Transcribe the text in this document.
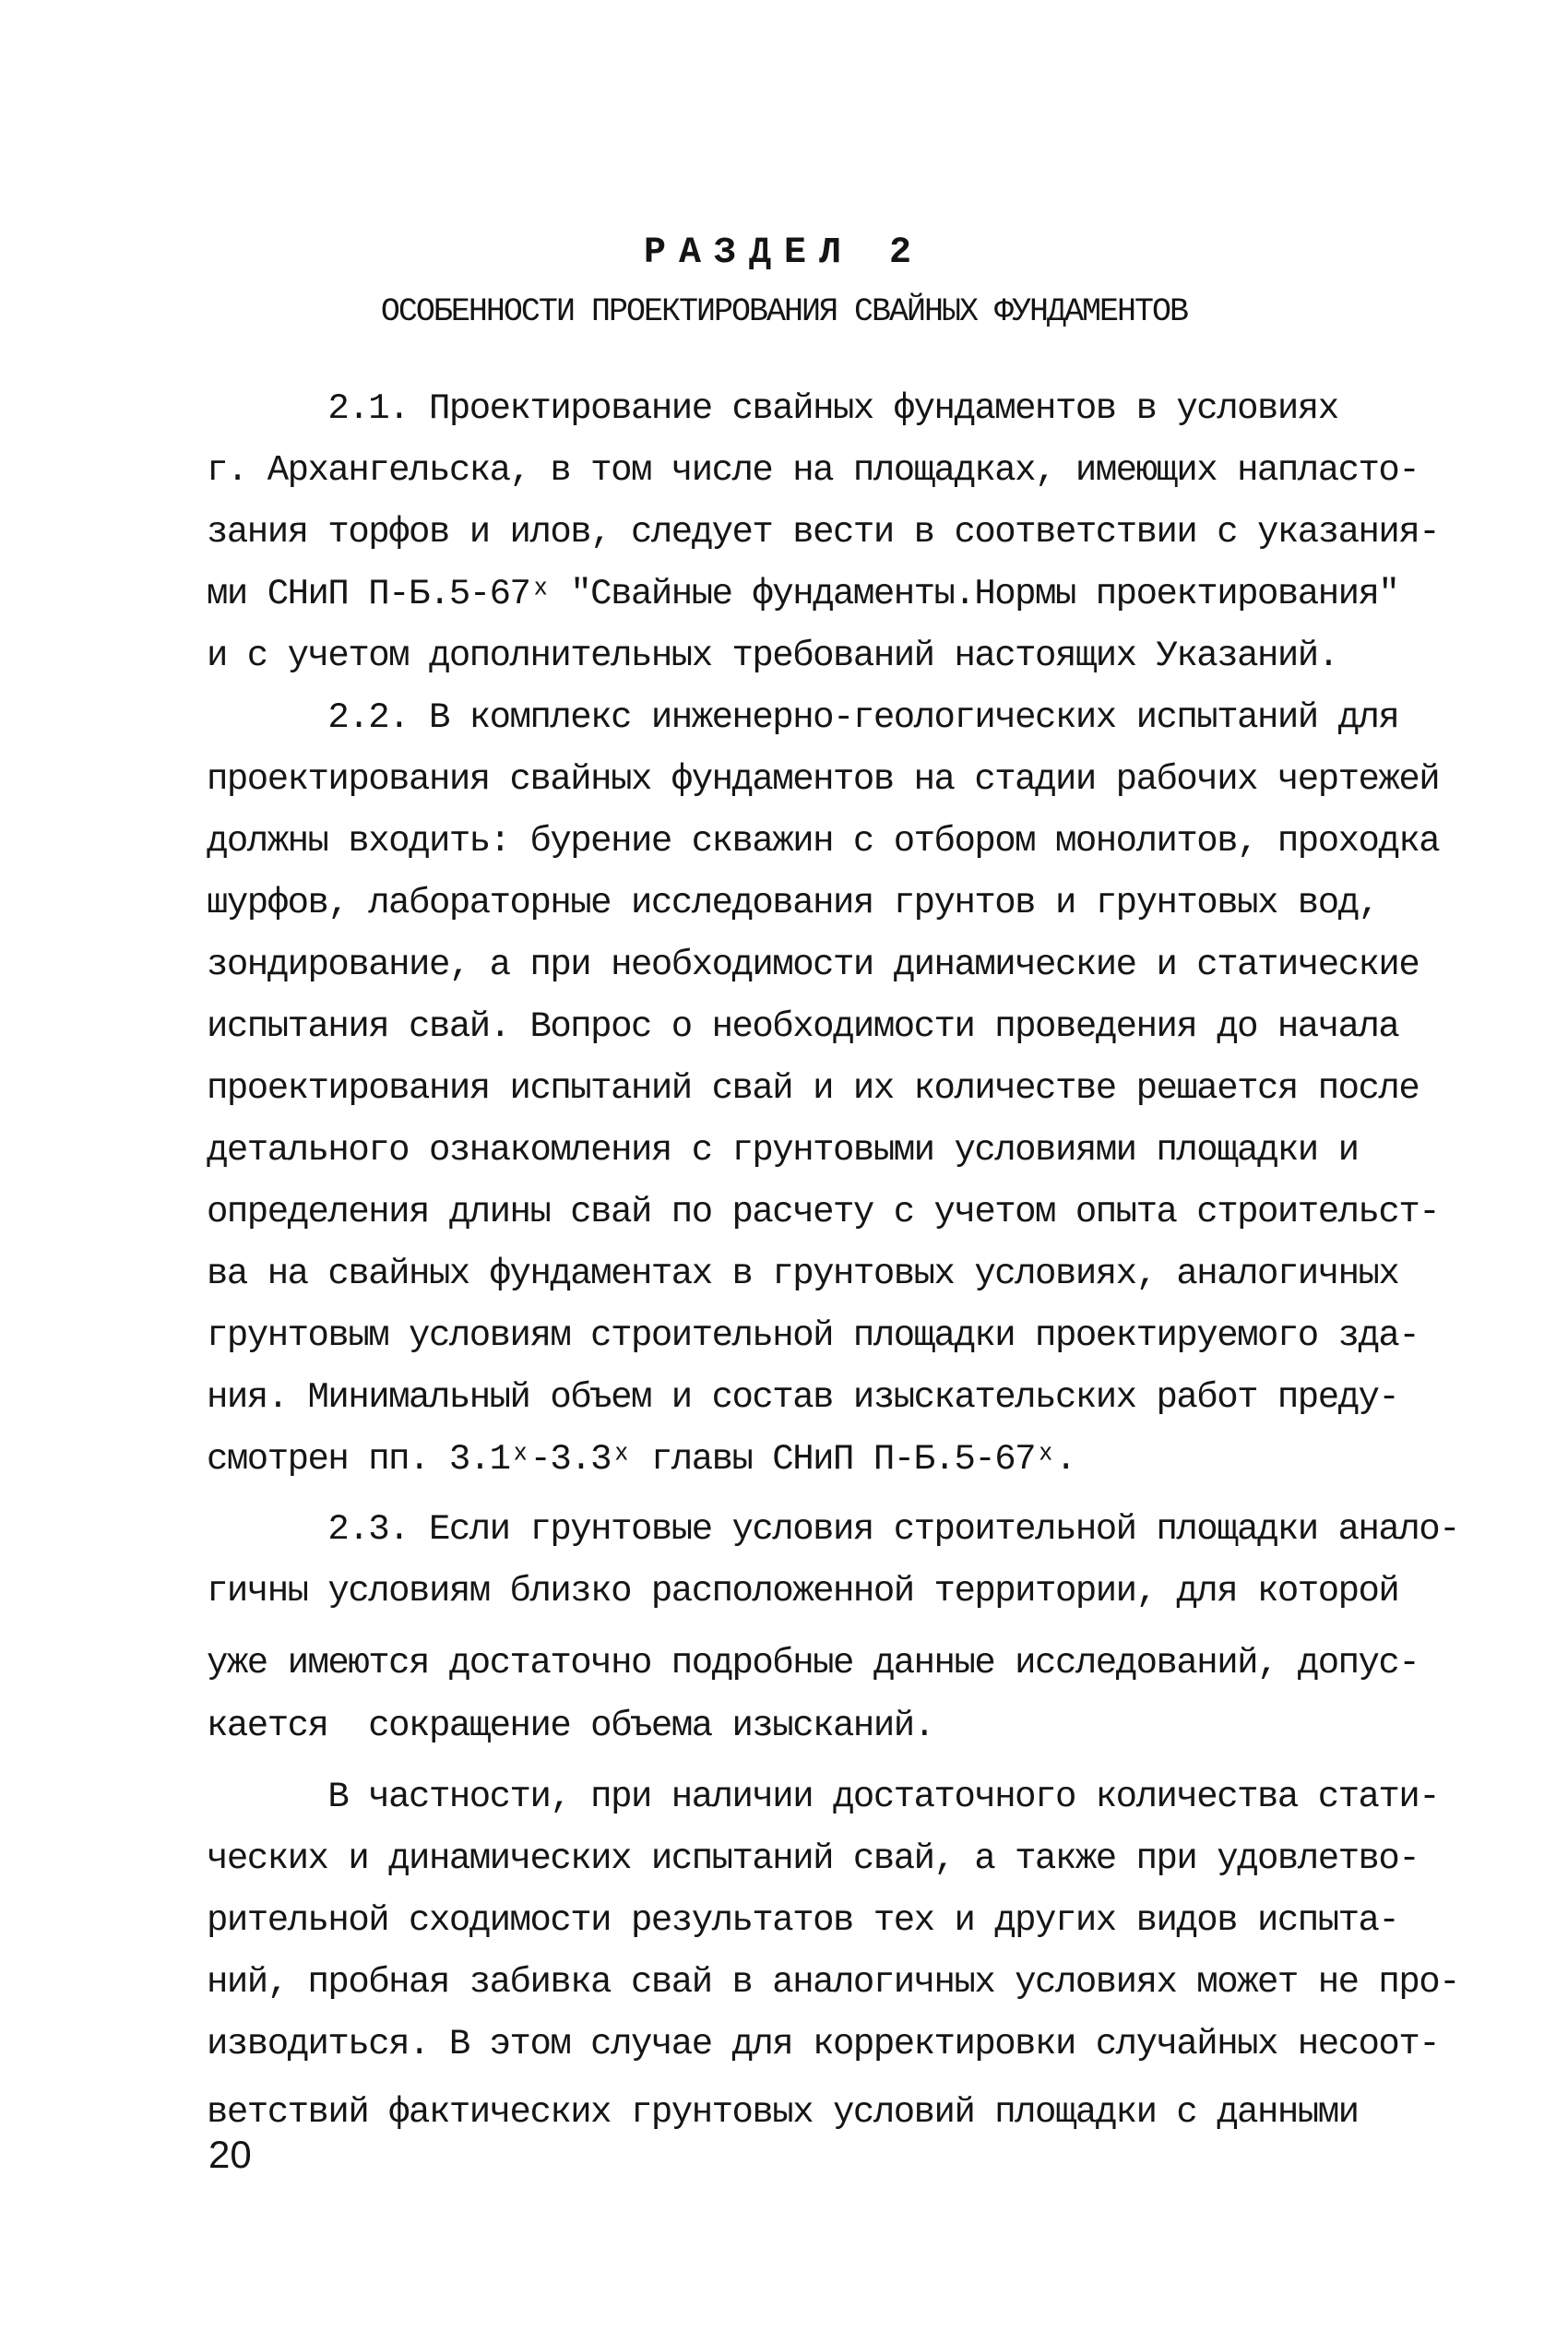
РАЗДЕЛ 2
ОСОБЕННОСТИ ПРОЕКТИРОВАНИЯ СВАЙНЫХ ФУНДАМЕНТОВ
2.1. Проектирование свайных фундаментов в условиях
г. Архангельска, в том числе на площадках, имеющих напласто-
зания торфов и илов, следует вести в соответствии с указания-
ми СНиП П-Б.5-67ˣ "Свайные фундаменты.Нормы проектирования"
и с учетом дополнительных требований настоящих Указаний.
2.2. В комплекс инженерно-геологических испытаний для
проектирования свайных фундаментов на стадии рабочих чертежей
должны входить: бурение скважин с отбором монолитов, проходка
шурфов, лабораторные исследования грунтов и грунтовых вод,
зондирование, а при необходимости динамические и статические
испытания свай. Вопрос о необходимости проведения до начала
проектирования испытаний свай и их количестве решается после
детального ознакомления с грунтовыми условиями площадки и
определения длины свай по расчету с учетом опыта строительст-
ва на свайных фундаментах в грунтовых условиях, аналогичных
грунтовым условиям строительной площадки проектируемого зда-
ния. Минимальный объем и состав изыскательских работ преду-
смотрен пп. 3.1ˣ-3.3ˣ главы СНиП П-Б.5-67ˣ.
2.3. Если грунтовые условия строительной площадки анало-
гичны условиям близко расположенной территории, для которой
уже имеются достаточно подробные данные исследований, допус-
кается  сокращение объема изысканий.
В частности, при наличии достаточного количества стати-
ческих и динамических испытаний свай, а также при удовлетво-
рительной сходимости результатов тех и других видов испыта-
ний, пробная забивка свай в аналогичных условиях может не про-
изводиться. В этом случае для корректировки случайных несоот-
ветствий фактических грунтовых условий площадки с данными
20
